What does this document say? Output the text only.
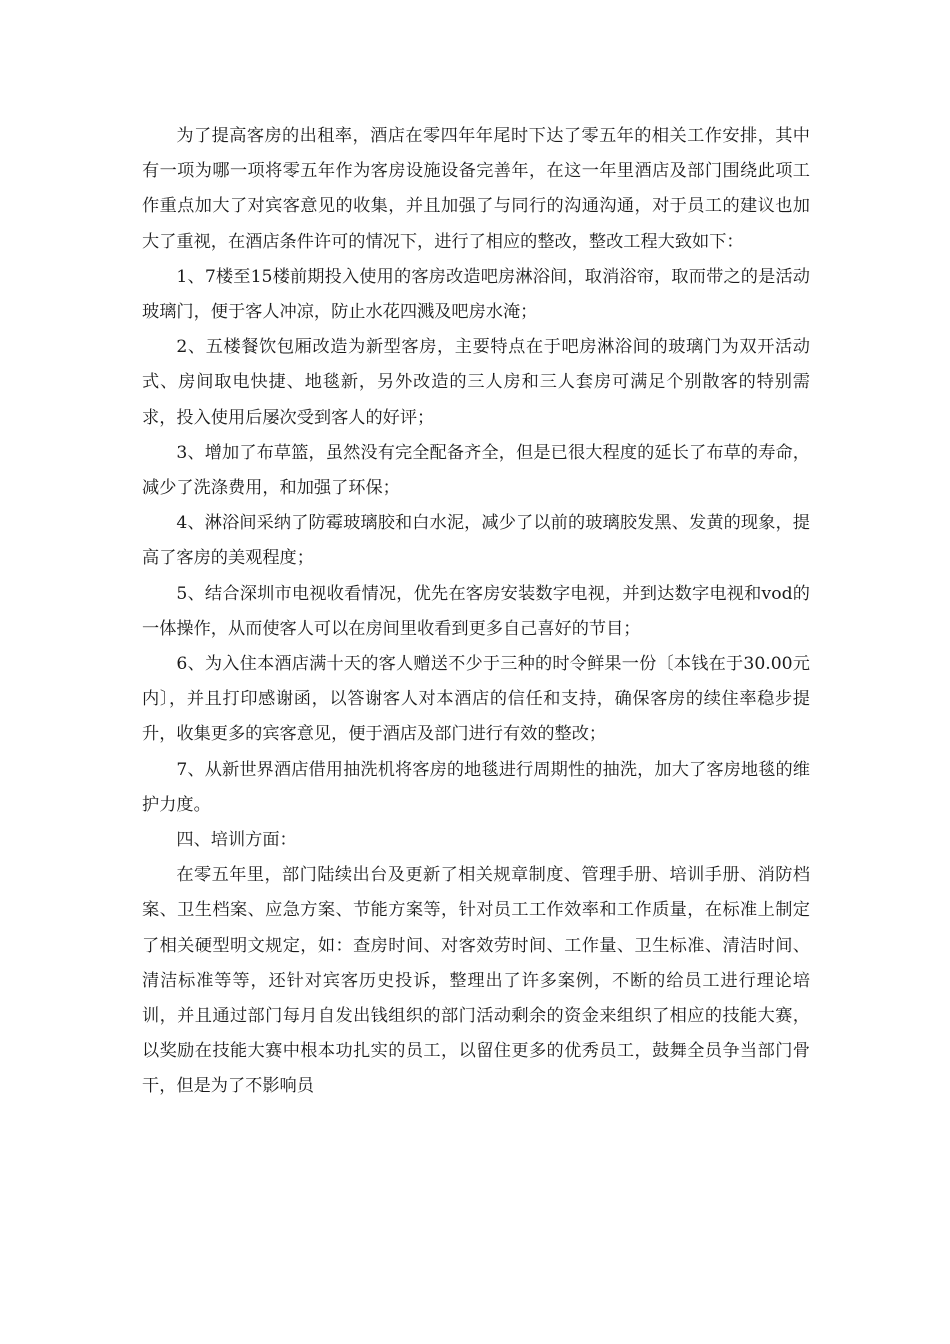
为了提高客房的出租率，酒店在零四年年尾时下达了零五年的相关工作安排，其中有一项为哪一项将零五年作为客房设施设备完善年，在这一年里酒店及部门围绕此项工作重点加大了对宾客意见的收集，并且加强了与同行的沟通沟通，对于员工的建议也加大了重视，在酒店条件许可的情况下，进行了相应的整改，整改工程大致如下：

1、7楼至15楼前期投入使用的客房改造吧房淋浴间，取消浴帘，取而带之的是活动玻璃门，便于客人冲凉，防止水花四溅及吧房水淹；

2、五楼餐饮包厢改造为新型客房，主要特点在于吧房淋浴间的玻璃门为双开活动式、房间取电快捷、地毯新，另外改造的三人房和三人套房可满足个别散客的特别需求，投入使用后屡次受到客人的好评；

3、增加了布草篮，虽然没有完全配备齐全，但是已很大程度的延长了布草的寿命，减少了洗涤费用，和加强了环保；

4、淋浴间采纳了防霉玻璃胶和白水泥，减少了以前的玻璃胶发黑、发黄的现象，提高了客房的美观程度；

5、结合深圳市电视收看情况，优先在客房安装数字电视，并到达数字电视和vod的一体操作，从而使客人可以在房间里收看到更多自己喜好的节目；

6、为入住本酒店满十天的客人赠送不少于三种的时令鲜果一份〔本钱在于30.00元内〕，并且打印感谢函，以答谢客人对本酒店的信任和支持，确保客房的续住率稳步提升，收集更多的宾客意见，便于酒店及部门进行有效的整改；

7、从新世界酒店借用抽洗机将客房的地毯进行周期性的抽洗，加大了客房地毯的维护力度。

四、培训方面：

在零五年里，部门陆续出台及更新了相关规章制度、管理手册、培训手册、消防档案、卫生档案、应急方案、节能方案等，针对员工工作效率和工作质量，在标准上制定了相关硬型明文规定，如：查房时间、对客效劳时间、工作量、卫生标准、清洁时间、清洁标准等等，还针对宾客历史投诉，整理出了许多案例，不断的给员工进行理论培训，并且通过部门每月自发出钱组织的部门活动剩余的资金来组织了相应的技能大赛，以奖励在技能大赛中根本功扎实的员工，以留住更多的优秀员工，鼓舞全员争当部门骨干，但是为了不影响员
